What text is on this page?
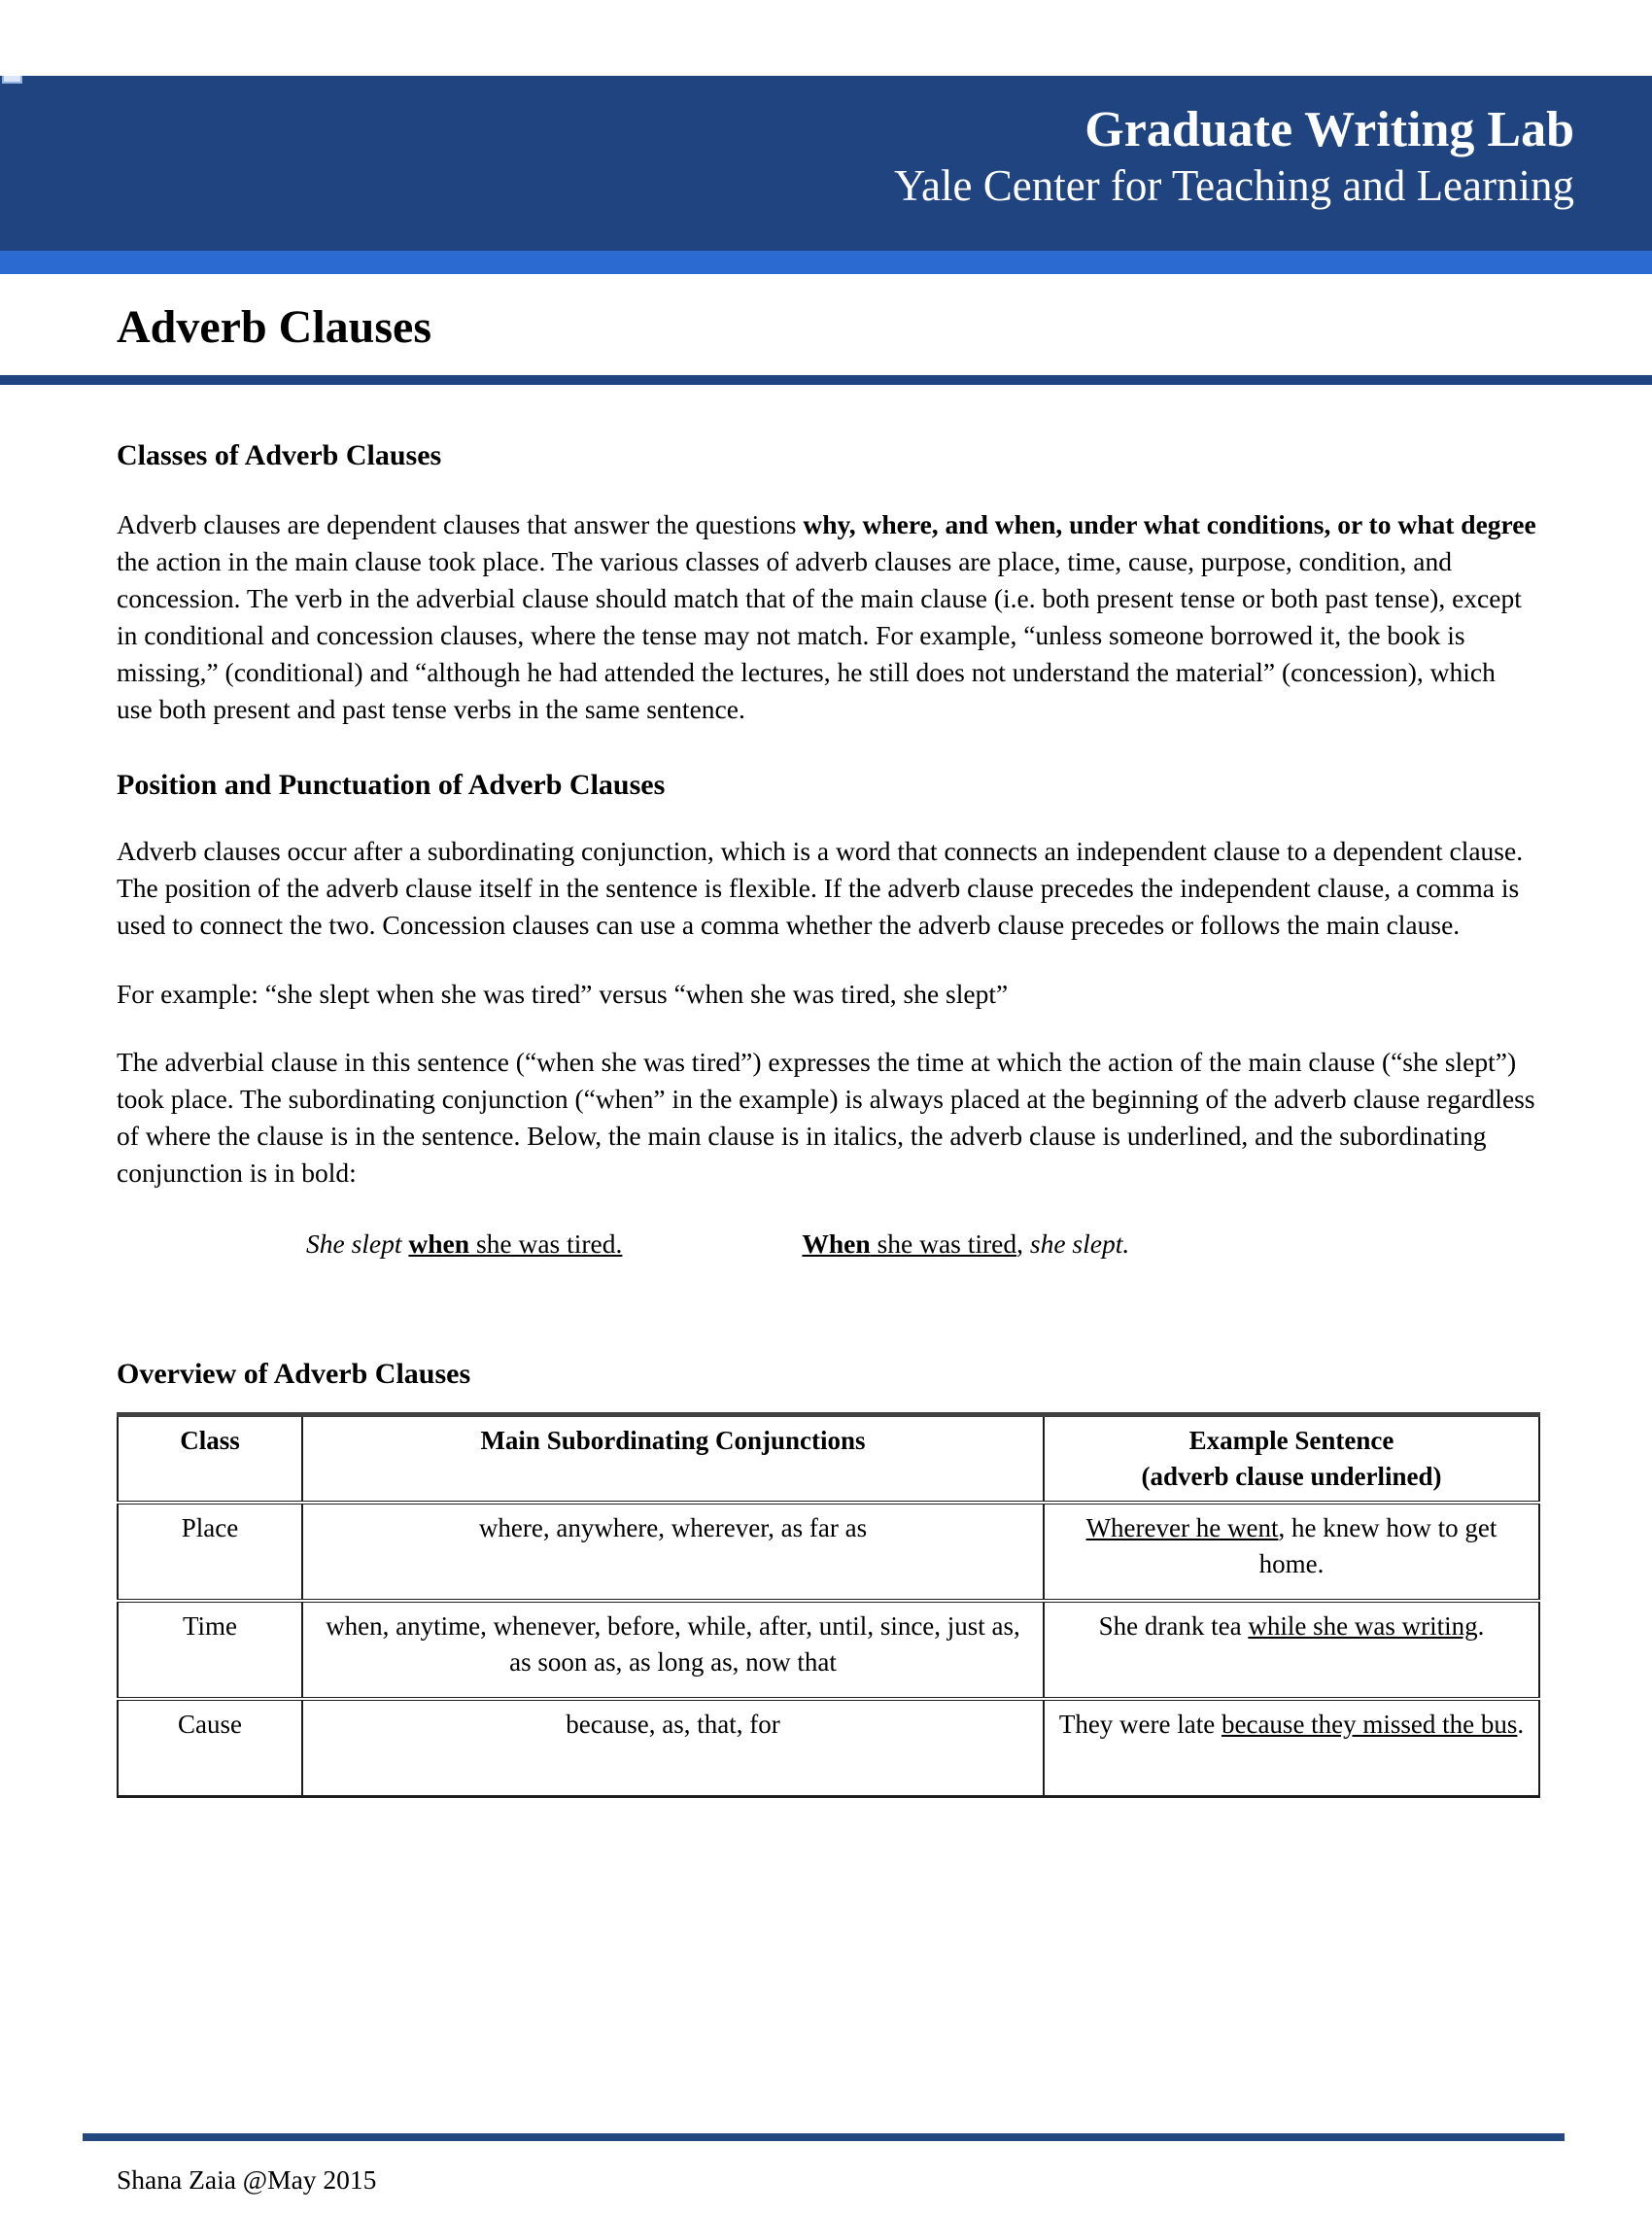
Graduate Writing Lab
Yale Center for Teaching and Learning
Adverb Clauses
Classes of Adverb Clauses

Adverb clauses are dependent clauses that answer the questions why, where, and when, under what conditions, or to what degree the action in the main clause took place. The various classes of adverb clauses are place, time, cause, purpose, condition, and concession. The verb in the adverbial clause should match that of the main clause (i.e. both present tense or both past tense), except in conditional and concession clauses, where the tense may not match. For example, “unless someone borrowed it, the book is missing,” (conditional) and “although he had attended the lectures, he still does not understand the material” (concession), which use both present and past tense verbs in the same sentence.

Position and Punctuation of Adverb Clauses

Adverb clauses occur after a subordinating conjunction, which is a word that connects an independent clause to a dependent clause. The position of the adverb clause itself in the sentence is flexible. If the adverb clause precedes the independent clause, a comma is used to connect the two. Concession clauses can use a comma whether the adverb clause precedes or follows the main clause.

For example: “she slept when she was tired” versus “when she was tired, she slept”

The adverbial clause in this sentence (“when she was tired”) expresses the time at which the action of the main clause (“she slept”) took place. The subordinating conjunction (“when” in the example) is always placed at the beginning of the adverb clause regardless of where the clause is in the sentence. Below, the main clause is in italics, the adverb clause is underlined, and the subordinating conjunction is in bold:

She slept when she was tired.	When she was tired, she slept.
Overview of Adverb Clauses
Class	Main Subordinating Conjunctions	Example Sentence
(adverb clause underlined)

Place	where, anywhere, wherever, as far as	Wherever he went, he knew how to get home.
Time	when, anytime, whenever, before, while, after, until, since, just as, as soon as, as long as, now that	She drank tea while she was writing.
Cause	because, as, that, for	They were late because they missed the bus.
Shana Zaia @May 2015
